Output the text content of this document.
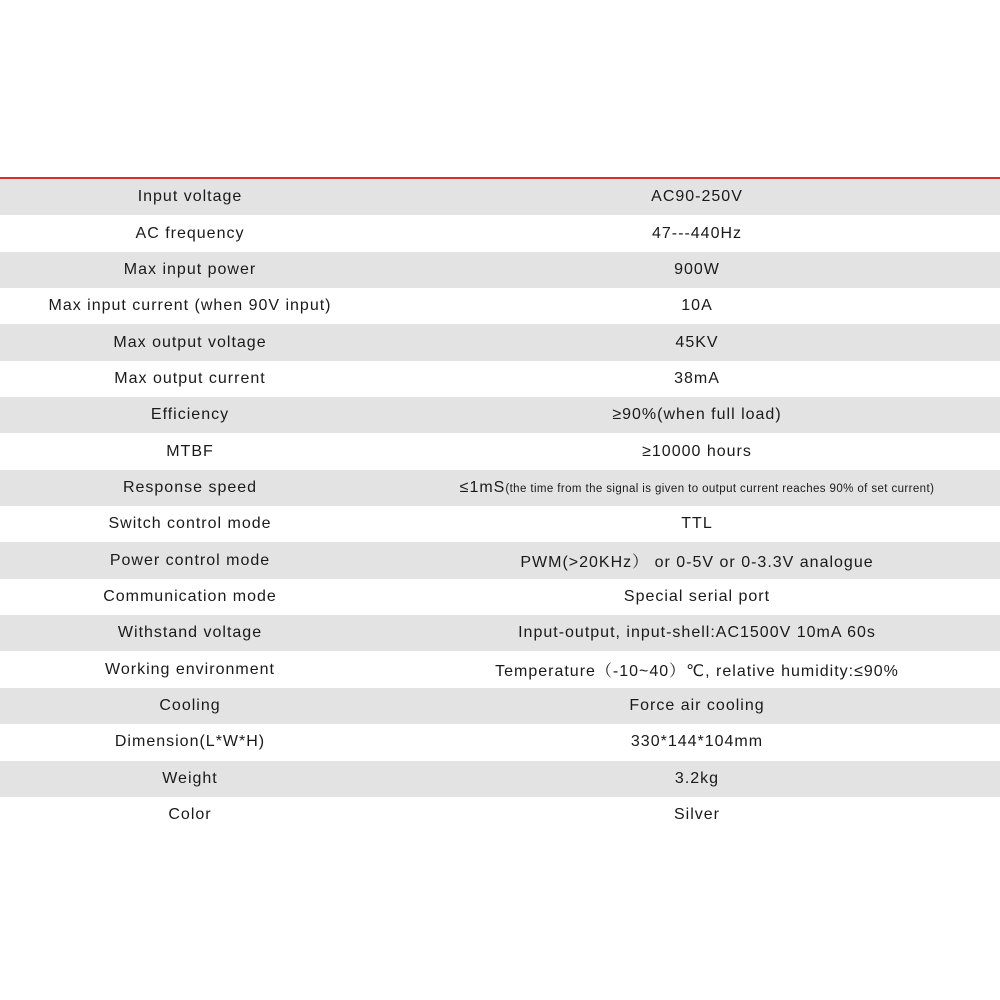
Input voltage	AC90-250V
AC frequency	47---440Hz
Max input power	900W
Max input current (when 90V input)	10A
Max output voltage	45KV
Max output current	38mA
Efficiency	≥90%(when full load)
MTBF	≥10000 hours
Response speed	≤1mS(the time from the signal is given to output current reaches 90% of set current)
Switch control mode	TTL
Power control mode	PWM(>20KHz） or 0-5V or 0-3.3V analogue
Communication mode	Special serial port
Withstand voltage	Input-output, input-shell:AC1500V 10mA 60s
Working environment	Temperature（-10~40）℃, relative humidity:≤90%
Cooling	Force air cooling
Dimension(L*W*H)	330*144*104mm
Weight	3.2kg
Color	Silver
